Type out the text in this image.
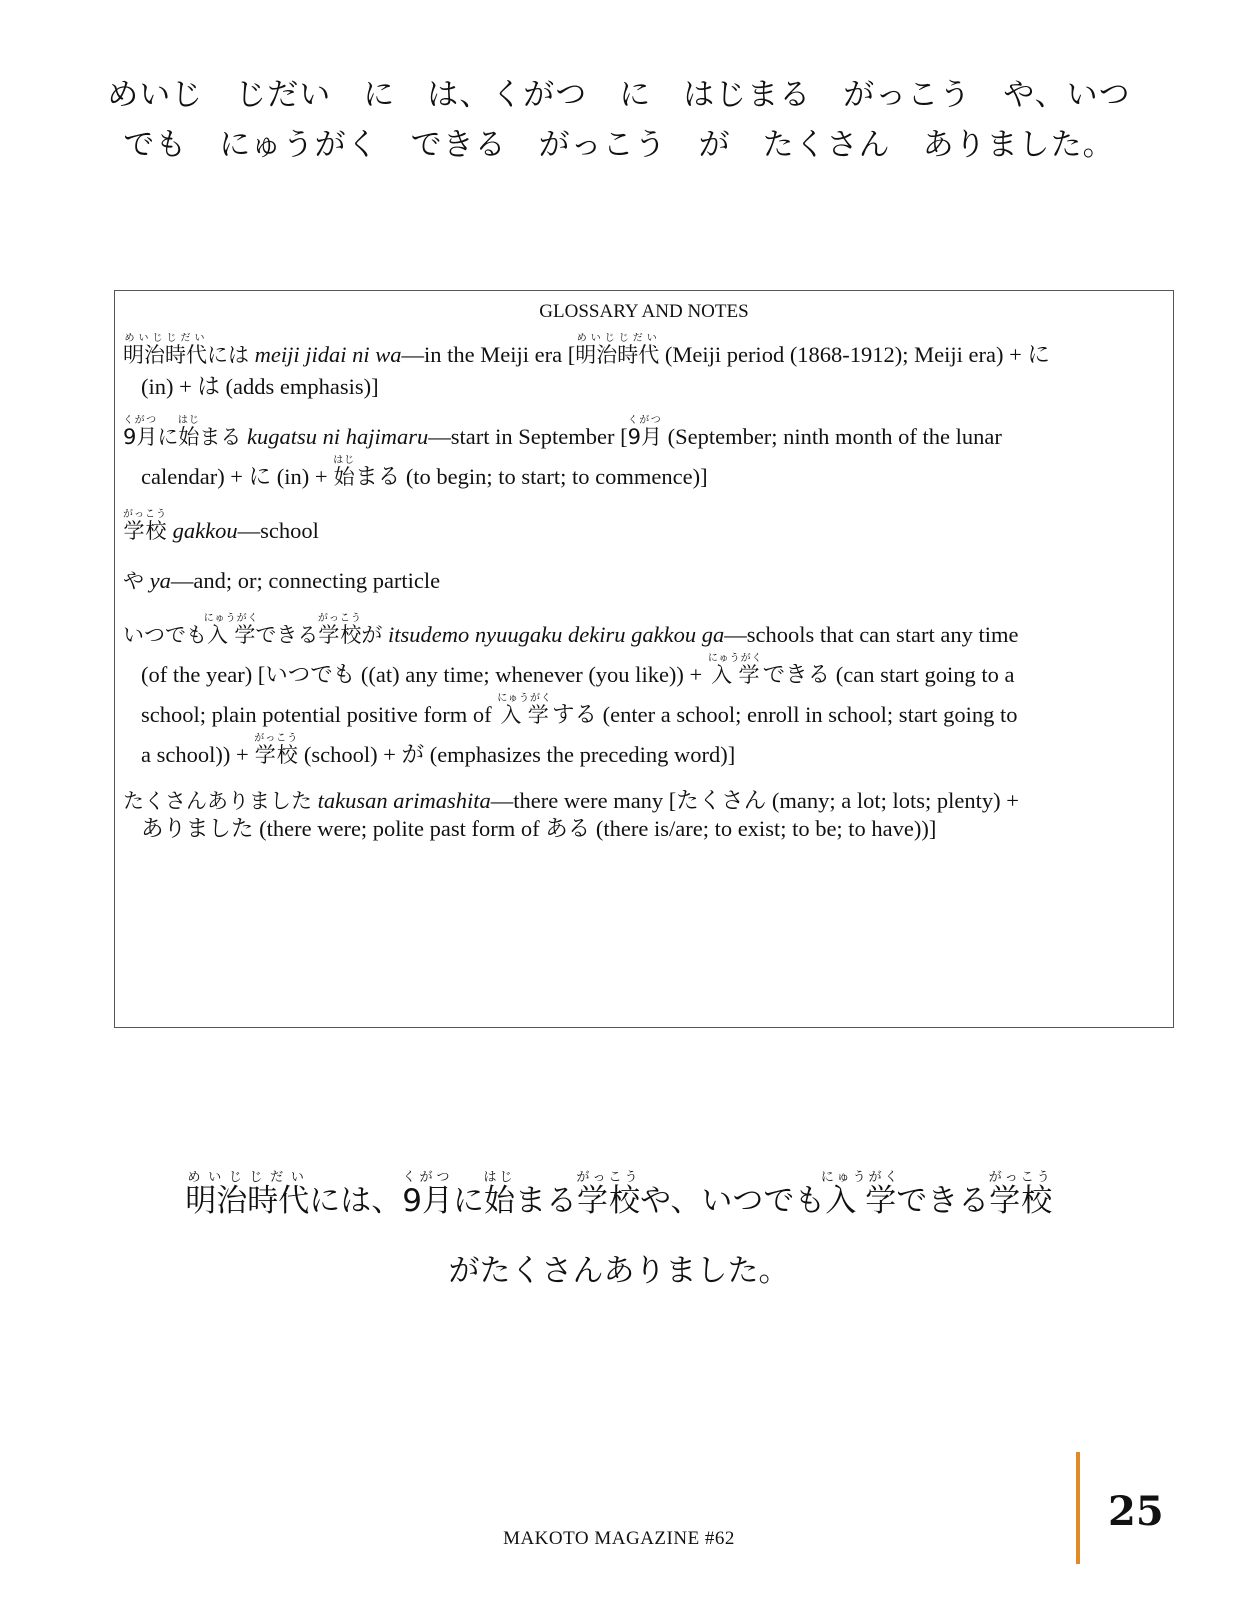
めいじ　じだい　に　は、くがつ　に　はじまる　がっこう　や、いつ
でも　にゅうがく　できる　がっこう　が　たくさん　ありました。
GLOSSARY AND NOTES
明治時代めいじじだいには meiji jidai ni wa—in the Meiji era [明治時代めいじじだい (Meiji period (1868-1912); Meiji era) + に
(in) + は (adds emphasis)]
9月くがつに始はじまる kugatsu ni hajimaru—start in September [9月くがつ (September; ninth month of the lunar
calendar) + に (in) + 始はじまる (to begin; to start; to commence)]
学校がっこう gakkou—school
や ya—and; or; connecting particle
いつでも入学にゅうがくできる学校がっこうが itsudemo nyuugaku dekiru gakkou ga—schools that can start any time
(of the year) [いつでも ((at) any time; whenever (you like)) + 入学にゅうがくできる (can start going to a
school; plain potential positive form of 入学にゅうがくする (enter a school; enroll in school; start going to
a school)) + 学校がっこう (school) + が (emphasizes the preceding word)]
たくさんありました takusan arimashita—there were many [たくさん (many; a lot; lots; plenty) +
ありました (there were; polite past form of ある (there is/are; to exist; to be; to have))]
明治時代めいじじだいには、9月くがつに始はじまる学校がっこうや、いつでも入学にゅうがくできる学校がっこう
がたくさんありました。
25
MAKOTO MAGAZINE #62
